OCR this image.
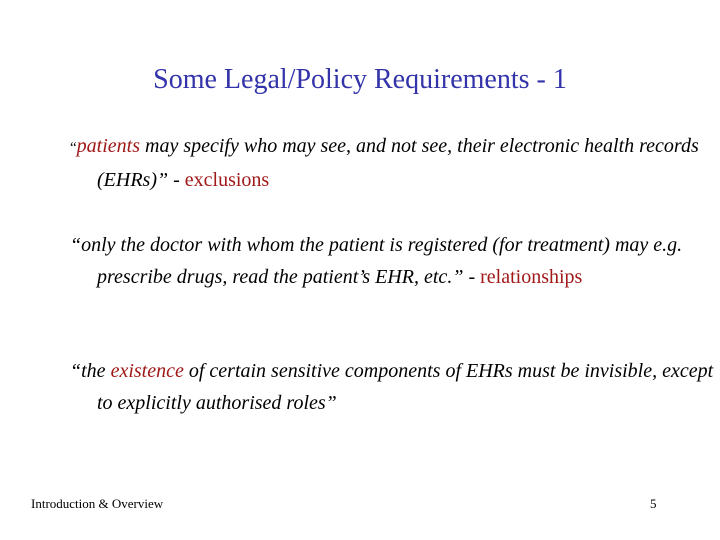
Some Legal/Policy Requirements - 1
“patients may specify who may see, and not see, their electronic health records (EHRs)” - exclusions
“only the doctor with whom the patient is registered (for treatment) may e.g. prescribe drugs, read the patient’s EHR, etc.” - relationships
“the existence of certain sensitive components of EHRs must be invisible, except to explicitly authorised roles”
Introduction & Overview	5
